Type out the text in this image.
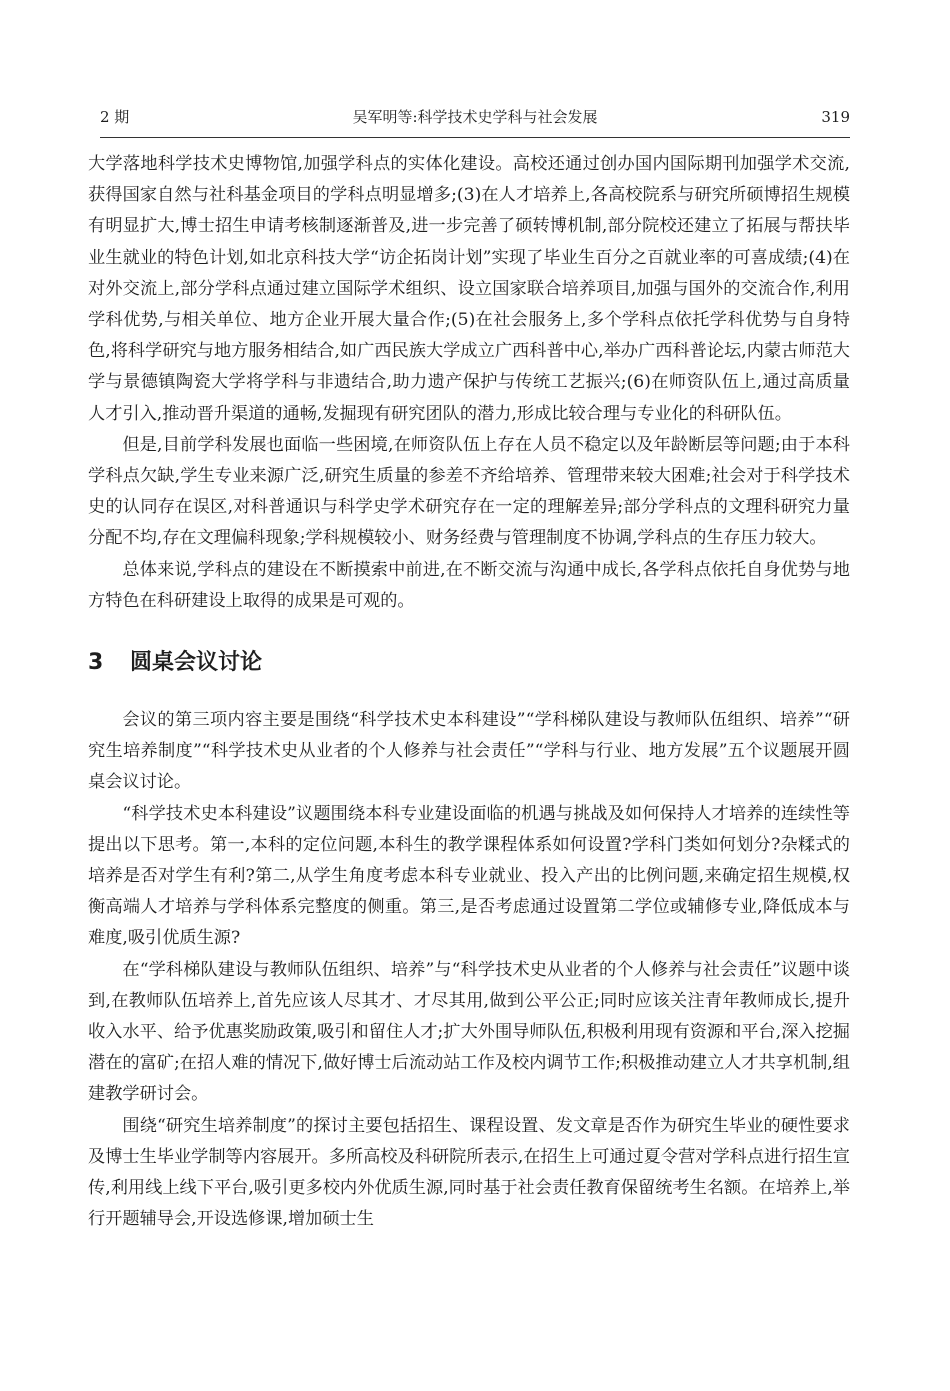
2 期	吴军明等:科学技术史学科与社会发展	319

大学落地科学技术史博物馆,加强学科点的实体化建设。高校还通过创办国内国际期刊加强学术交流,获得国家自然与社科基金项目的学科点明显增多;(3)在人才培养上,各高校院系与研究所硕博招生规模有明显扩大,博士招生申请考核制逐渐普及,进一步完善了硕转博机制,部分院校还建立了拓展与帮扶毕业生就业的特色计划,如北京科技大学“访企拓岗计划”实现了毕业生百分之百就业率的可喜成绩;(4)在对外交流上,部分学科点通过建立国际学术组织、设立国家联合培养项目,加强与国外的交流合作,利用学科优势,与相关单位、地方企业开展大量合作;(5)在社会服务上,多个学科点依托学科优势与自身特色,将科学研究与地方服务相结合,如广西民族大学成立广西科普中心,举办广西科普论坛,内蒙古师范大学与景德镇陶瓷大学将学科与非遗结合,助力遗产保护与传统工艺振兴;(6)在师资队伍上,通过高质量人才引入,推动晋升渠道的通畅,发掘现有研究团队的潜力,形成比较合理与专业化的科研队伍。

但是,目前学科发展也面临一些困境,在师资队伍上存在人员不稳定以及年龄断层等问题;由于本科学科点欠缺,学生专业来源广泛,研究生质量的参差不齐给培养、管理带来较大困难;社会对于科学技术史的认同存在误区,对科普通识与科学史学术研究存在一定的理解差异;部分学科点的文理科研究力量分配不均,存在文理偏科现象;学科规模较小、财务经费与管理制度不协调,学科点的生存压力较大。

总体来说,学科点的建设在不断摸索中前进,在不断交流与沟通中成长,各学科点依托自身优势与地方特色在科研建设上取得的成果是可观的。

3 圆桌会议讨论

会议的第三项内容主要是围绕“科学技术史本科建设”“学科梯队建设与教师队伍组织、培养”“研究生培养制度”“科学技术史从业者的个人修养与社会责任”“学科与行业、地方发展”五个议题展开圆桌会议讨论。

“科学技术史本科建设”议题围绕本科专业建设面临的机遇与挑战及如何保持人才培养的连续性等提出以下思考。第一,本科的定位问题,本科生的教学课程体系如何设置?学科门类如何划分?杂糅式的培养是否对学生有利?第二,从学生角度考虑本科专业就业、投入产出的比例问题,来确定招生规模,权衡高端人才培养与学科体系完整度的侧重。第三,是否考虑通过设置第二学位或辅修专业,降低成本与难度,吸引优质生源?

在“学科梯队建设与教师队伍组织、培养”与“科学技术史从业者的个人修养与社会责任”议题中谈到,在教师队伍培养上,首先应该人尽其才、才尽其用,做到公平公正;同时应该关注青年教师成长,提升收入水平、给予优惠奖励政策,吸引和留住人才;扩大外围导师队伍,积极利用现有资源和平台,深入挖掘潜在的富矿;在招人难的情况下,做好博士后流动站工作及校内调节工作;积极推动建立人才共享机制,组建教学研讨会。

围绕“研究生培养制度”的探讨主要包括招生、课程设置、发文章是否作为研究生毕业的硬性要求及博士生毕业学制等内容展开。多所高校及科研院所表示,在招生上可通过夏令营对学科点进行招生宣传,利用线上线下平台,吸引更多校内外优质生源,同时基于社会责任教育保留统考生名额。在培养上,举行开题辅导会,开设选修课,增加硕士生
